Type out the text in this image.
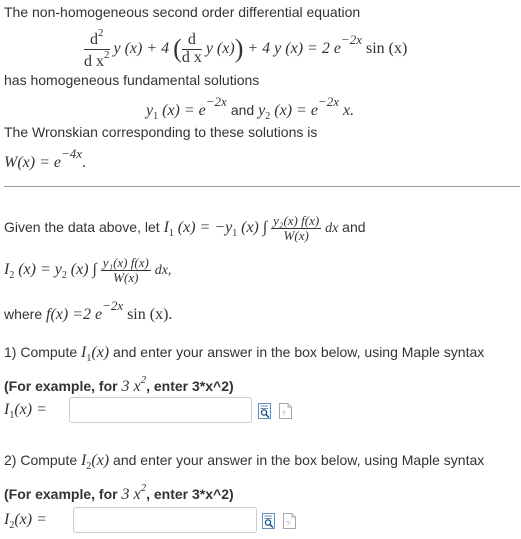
The non-homogeneous second order differential equation
$\frac{d^2}{d x^2}$ y (x) + 4 ( $\frac{d}{\text{d x}}$ y (x)) + 4 y (x) = 2 $e^{-2x}$ sin (x)
has homogeneous fundamental solutions
$y_1$ $(x) = e^{-2x}$ and $y_2$ $(x) = e^{-2x}$ x.
The Wronskian corresponding to these solutions is
$W(x) = e^{-4x}$.
Given the data above, let $I_1$ $(x) = -y_1$ (x) ∫ $\frac{\text{y₂(x) f(x)}}{W(x)}$ dx and
$I_2$ $(x) = y_2$ (x) ∫ $\frac{\text{y₁(x) f(x)}}{W(x)}$ dx,
where f(x) =2 e−2x sin (x).
1) Compute $I_1(x)$ and enter your answer in the box below, using Maple syntax
(For example, for 3 $x^2$, enter 3*x^2)
$I_1(x)$ =	?
2) Compute $I_2(x)$ and enter your answer in the box below, using Maple syntax
(For example, for 3 $x^2$, enter 3*x^2)
$I_2(x)$ =	?
